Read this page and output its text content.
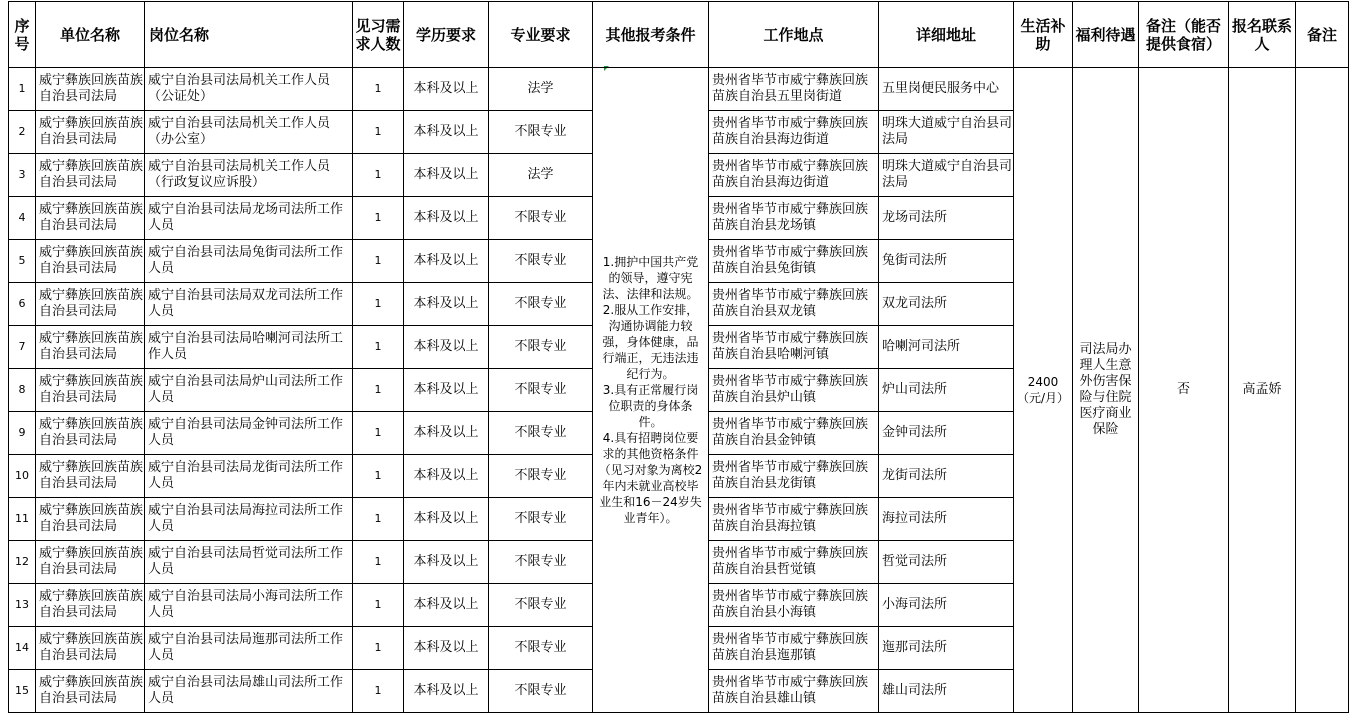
序号	单位名称	岗位名称	见习需求人数	学历要求	专业要求	其他报考条件	工作地点	详细地址	生活补助	福利待遇	备注（能否提供食宿）	报名联系人	备注
1	威宁彝族回族苗族自治县司法局	威宁自治县司法局机关工作人员（公证处）	1	本科及以上	法学	1.拥护中国共产党的领导，遵守宪法、法律和法规。
2.服从工作安排，沟通协调能力较强，身体健康，品行端正，无违法违纪行为。
3.具有正常履行岗位职责的身体条件。
4.具有招聘岗位要求的其他资格条件（见习对象为离校2年内未就业高校毕业生和16－24岁失业青年）。	贵州省毕节市威宁彝族回族苗族自治县五里岗街道	五里岗便民服务中心	2400（元/月）	司法局办理人生意外伤害保险与住院医疗商业保险	否	高孟娇	
2	威宁彝族回族苗族自治县司法局	威宁自治县司法局机关工作人员（办公室）	1	本科及以上	不限专业		贵州省毕节市威宁彝族回族苗族自治县海边街道	明珠大道威宁自治县司法局					
3	威宁彝族回族苗族自治县司法局	威宁自治县司法局机关工作人员（行政复议应诉股）	1	本科及以上	法学		贵州省毕节市威宁彝族回族苗族自治县海边街道	明珠大道威宁自治县司法局					
4	威宁彝族回族苗族自治县司法局	威宁自治县司法局龙场司法所工作人员	1	本科及以上	不限专业		贵州省毕节市威宁彝族回族苗族自治县龙场镇	龙场司法所					
5	威宁彝族回族苗族自治县司法局	威宁自治县司法局兔街司法所工作人员	1	本科及以上	不限专业		贵州省毕节市威宁彝族回族苗族自治县兔街镇	兔街司法所					
6	威宁彝族回族苗族自治县司法局	威宁自治县司法局双龙司法所工作人员	1	本科及以上	不限专业		贵州省毕节市威宁彝族回族苗族自治县双龙镇	双龙司法所					
7	威宁彝族回族苗族自治县司法局	威宁自治县司法局哈喇河司法所工作人员	1	本科及以上	不限专业		贵州省毕节市威宁彝族回族苗族自治县哈喇河镇	哈喇河司法所					
8	威宁彝族回族苗族自治县司法局	威宁自治县司法局炉山司法所工作人员	1	本科及以上	不限专业		贵州省毕节市威宁彝族回族苗族自治县炉山镇	炉山司法所					
9	威宁彝族回族苗族自治县司法局	威宁自治县司法局金钟司法所工作人员	1	本科及以上	不限专业		贵州省毕节市威宁彝族回族苗族自治县金钟镇	金钟司法所					
10	威宁彝族回族苗族自治县司法局	威宁自治县司法局龙街司法所工作人员	1	本科及以上	不限专业		贵州省毕节市威宁彝族回族苗族自治县龙街镇	龙街司法所					
11	威宁彝族回族苗族自治县司法局	威宁自治县司法局海拉司法所工作人员	1	本科及以上	不限专业		贵州省毕节市威宁彝族回族苗族自治县海拉镇	海拉司法所					
12	威宁彝族回族苗族自治县司法局	威宁自治县司法局哲觉司法所工作人员	1	本科及以上	不限专业		贵州省毕节市威宁彝族回族苗族自治县哲觉镇	哲觉司法所					
13	威宁彝族回族苗族自治县司法局	威宁自治县司法局小海司法所工作人员	1	本科及以上	不限专业		贵州省毕节市威宁彝族回族苗族自治县小海镇	小海司法所					
14	威宁彝族回族苗族自治县司法局	威宁自治县司法局迤那司法所工作人员	1	本科及以上	不限专业		贵州省毕节市威宁彝族回族苗族自治县迤那镇	迤那司法所					
15	威宁彝族回族苗族自治县司法局	威宁自治县司法局雄山司法所工作人员	1	本科及以上	不限专业		贵州省毕节市威宁彝族回族苗族自治县雄山镇	雄山司法所					
